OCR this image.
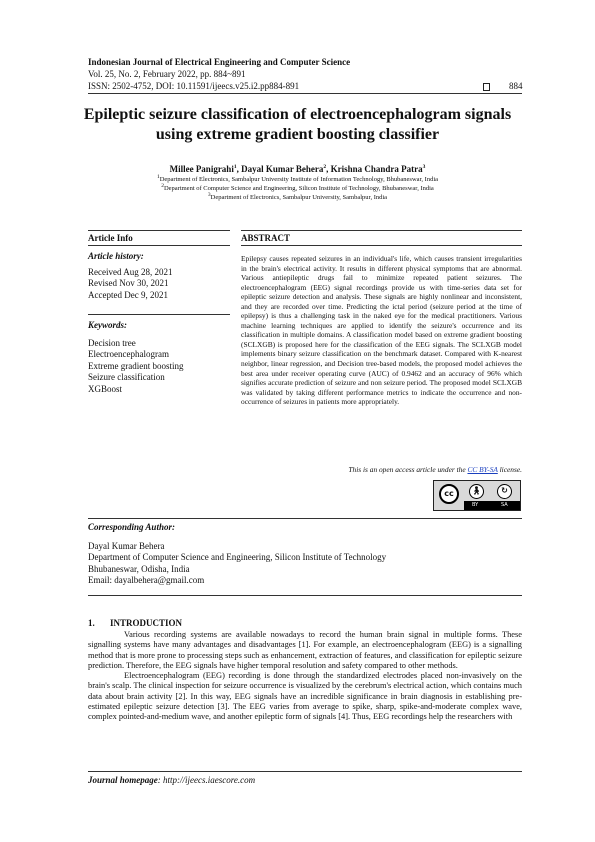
Indonesian Journal of Electrical Engineering and Computer Science
Vol. 25, No. 2, February 2022, pp. 884~891
ISSN: 2502-4752, DOI: 10.11591/ijeecs.v25.i2.pp884-891	884
Epileptic seizure classification of electroencephalogram signals
using extreme gradient boosting classifier
Millee Panigrahi$^1$, Dayal Kumar Behera$^2$, Krishna Chandra Patra$^3$
$^1$Department of Electronics, Sambalpur University Institute of Information Technology, Bhubaneswar, India
$^2$Department of Computer Science and Engineering, Silicon Institute of Technology, Bhubaneswar, India
$^3$Department of Electronics, Sambalpur University, Sambalpur, India
Article Info
Article history:
Received Aug 28, 2021
Revised Nov 30, 2021
Accepted Dec 9, 2021
Keywords:
Decision tree
Electroencephalogram
Extreme gradient boosting
Seizure classification
XGBoost
ABSTRACT

Epilepsy causes repeated seizures in an individual's life, which causes transient irregularities in the brain's electrical activity. It results in different physical symptoms that are abnormal. Various antiepileptic drugs fail to minimize repeated patient seizures. The electroencephalogram (EEG) signal recordings provide us with time-series data set for epileptic seizure detection and analysis. These signals are highly nonlinear and inconsistent, and they are recorded over time. Predicting the ictal period (seizure period at the time of epilepsy) is thus a challenging task in the naked eye for the medical practitioners. Various machine learning techniques are applied to identify the seizure's occurrence and its classification in multiple domains. A classification model based on extreme gradient boosting (SCLXGB) is proposed here for the classification of the EEG signals. The SCLXGB model implements binary seizure classification on the benchmark dataset. Compared with K-nearest neighbor, linear regression, and Decision tree-based models, the proposed model achieves the best area under receiver operating curve (AUC) of 0.9462 and an accuracy of 96% which signifies accurate prediction of seizure and non seizure period. The proposed model SCLXGB was validated by taking different performance metrics to indicate the occurrence and non-occurrence of seizures in patients more appropriately.

This is an open access article under the CC BY-SA license.
cc	🚶︎	↻
BY	SA
Corresponding Author:
Dayal Kumar Behera
Department of Computer Science and Engineering, Silicon Institute of Technology
Bhubaneswar, Odisha, India
Email: dayalbehera@gmail.com
1. INTRODUCTION

Various recording systems are available nowadays to record the human brain signal in multiple forms. These signalling systems have many advantages and disadvantages [1]. For example, an electroencephalogram (EEG) is a signalling method that is more prone to processing steps such as enhancement, extraction of features, and classification for epileptic seizure prediction. Therefore, the EEG signals have higher temporal resolution and safety compared to other methods.

Electroencephalogram (EEG) recording is done through the standardized electrodes placed non-invasively on the brain's scalp. The clinical inspection for seizure occurrence is visualized by the cerebrum's electrical action, which contains much data about brain activity [2]. In this way, EEG signals have an incredible significance in brain diagnosis in establishing pre-estimated epileptic seizure detection [3]. The EEG varies from average to spike, sharp, spike-and-moderate complex wave, complex pointed-and-medium wave, and another epileptic form of signals [4]. Thus, EEG recordings help the researchers with

Journal homepage: http://ijeecs.iaescore.com
